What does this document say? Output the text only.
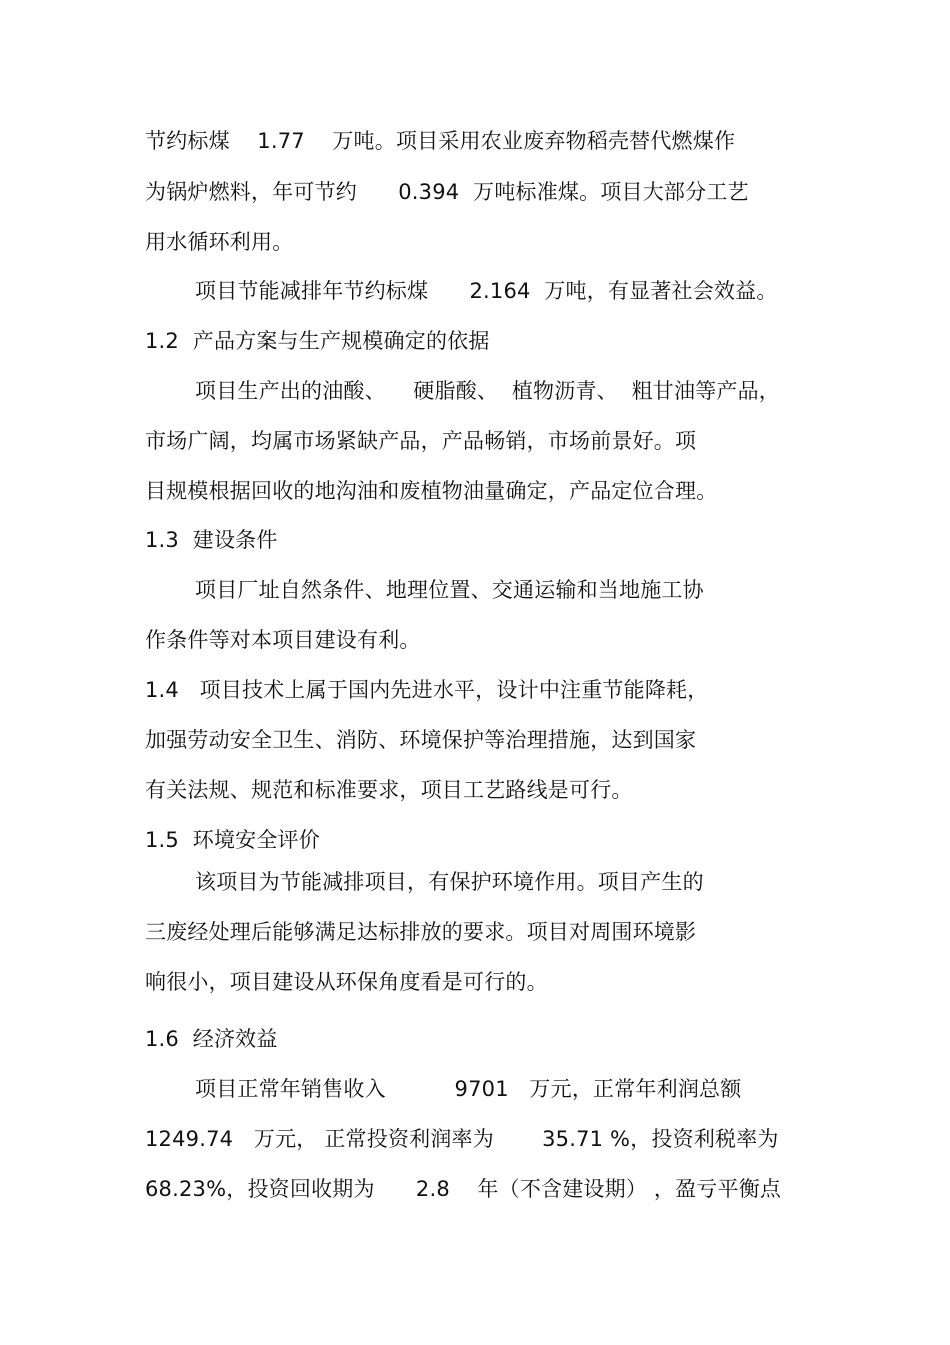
节约标煤    1.77    万吨。项目采用农业废弃物稻壳替代燃煤作
为锅炉燃料，年可节约      0.394  万吨标准煤。项目大部分工艺
用水循环利用。
项目节能减排年节约标煤      2.164  万吨，有显著社会效益。
1.2  产品方案与生产规模确定的依据
项目生产出的油酸、    硬脂酸、  植物沥青、  粗甘油等产品，
市场广阔，均属市场紧缺产品，产品畅销，市场前景好。项
目规模根据回收的地沟油和废植物油量确定，产品定位合理。
1.3  建设条件
项目厂址自然条件、地理位置、交通运输和当地施工协
作条件等对本项目建设有利。
1.4   项目技术上属于国内先进水平，设计中注重节能降耗，
加强劳动安全卫生、消防、环境保护等治理措施，达到国家
有关法规、规范和标准要求，项目工艺路线是可行。
1.5  环境安全评价
该项目为节能减排项目，有保护环境作用。项目产生的
三废经处理后能够满足达标排放的要求。项目对周围环境影
响很小，项目建设从环保角度看是可行的。
1.6  经济效益
项目正常年销售收入          9701   万元，正常年利润总额
1249.74   万元， 正常投资利润率为       35.71 %，投资利税率为
68.23%，投资回收期为      2.8    年（不含建设期） ，盈亏平衡点
